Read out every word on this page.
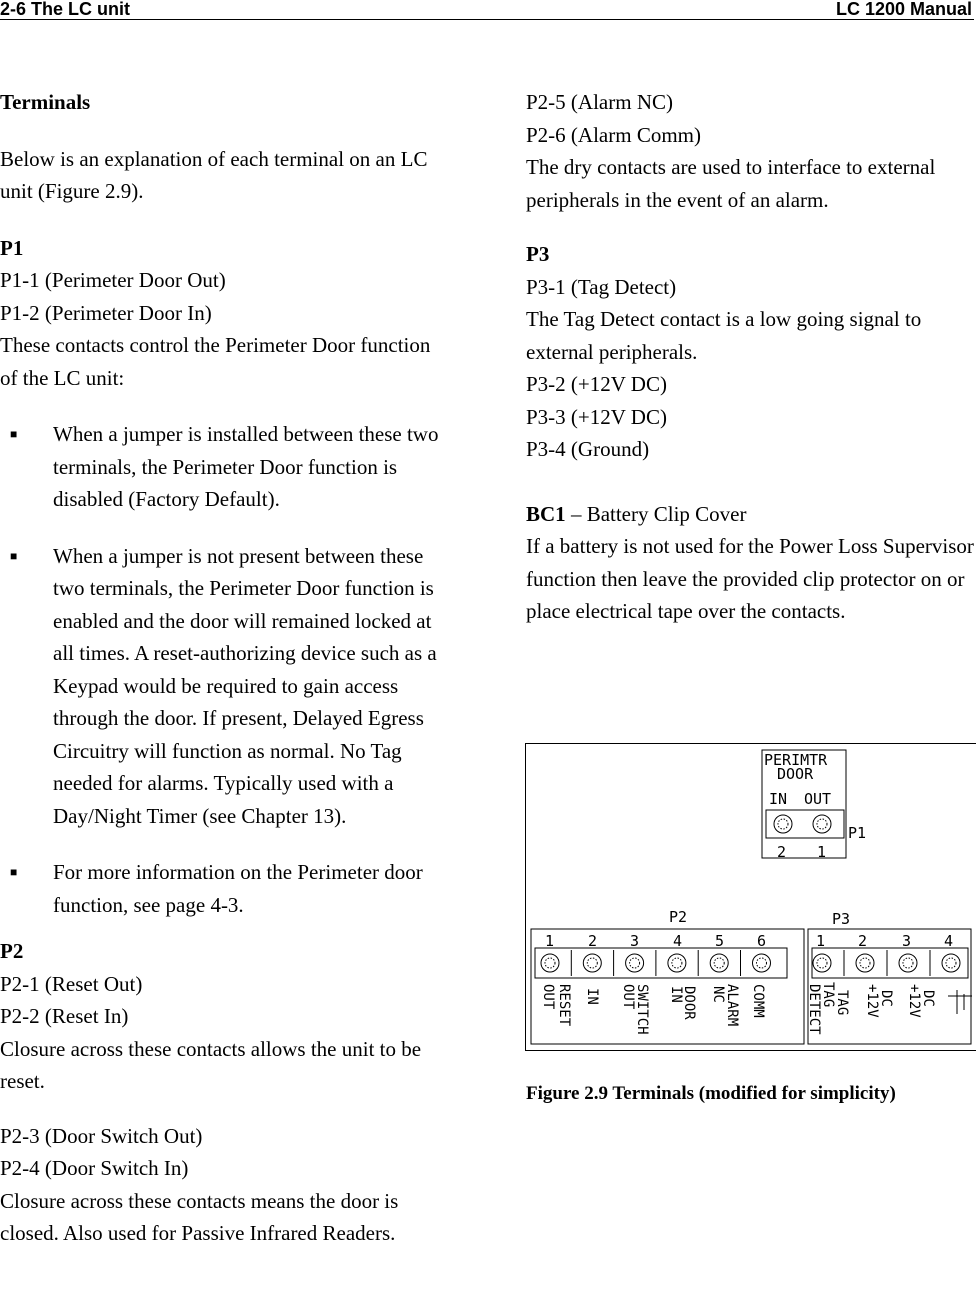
2-6 The LC unit	LC 1200 Manual

Terminals

Below is an explanation of each terminal on an LC unit (Figure 2.9).

P1

P1-1 (Perimeter Door Out)

P1-2 (Perimeter Door In)

These contacts control the Perimeter Door function of the LC unit:

■ When a jumper is installed between these two terminals, the Perimeter Door function is disabled (Factory Default).
■ When a jumper is not present between these two terminals, the Perimeter Door function is enabled and the door will remained locked at all times. A reset-authorizing device such as a Keypad would be required to gain access through the door. If present, Delayed Egress Circuitry will function as normal. No Tag needed for alarms. Typically used with a Day/Night Timer (see Chapter 13).
■ For more information on the Perimeter door function, see page 4-3.

P2

P2-1 (Reset Out)

P2-2 (Reset In)

Closure across these contacts allows the unit to be reset.

P2-3 (Door Switch Out)

P2-4 (Door Switch In)

Closure across these contacts means the door is closed. Also used for Passive Infrared Readers.

P2-5 (Alarm NC)

P2-6 (Alarm Comm)

The dry contacts are used to interface to external peripherals in the event of an alarm.

P3

P3-1 (Tag Detect)

The Tag Detect contact is a low going signal to external peripherals.

P3-2 (+12V DC)

P3-3 (+12V DC)

P3-4 (Ground)

BC1 – Battery Clip Cover

If a battery is not used for the Power Loss Supervisor function then leave the provided clip protector on or place electrical tape over the contacts.

PERIMTR
DOOR
IN OUT
2 1
P1
P2	P3
1 2 3 4 5 6
OUT RESET IN SWITCH
OUT IN
DOOR ALARM
NC COMM
1 2 3 4
TAG
DETECT TAG +12V
DC +12V
DC

Figure 2.9 Terminals (modified for simplicity)
